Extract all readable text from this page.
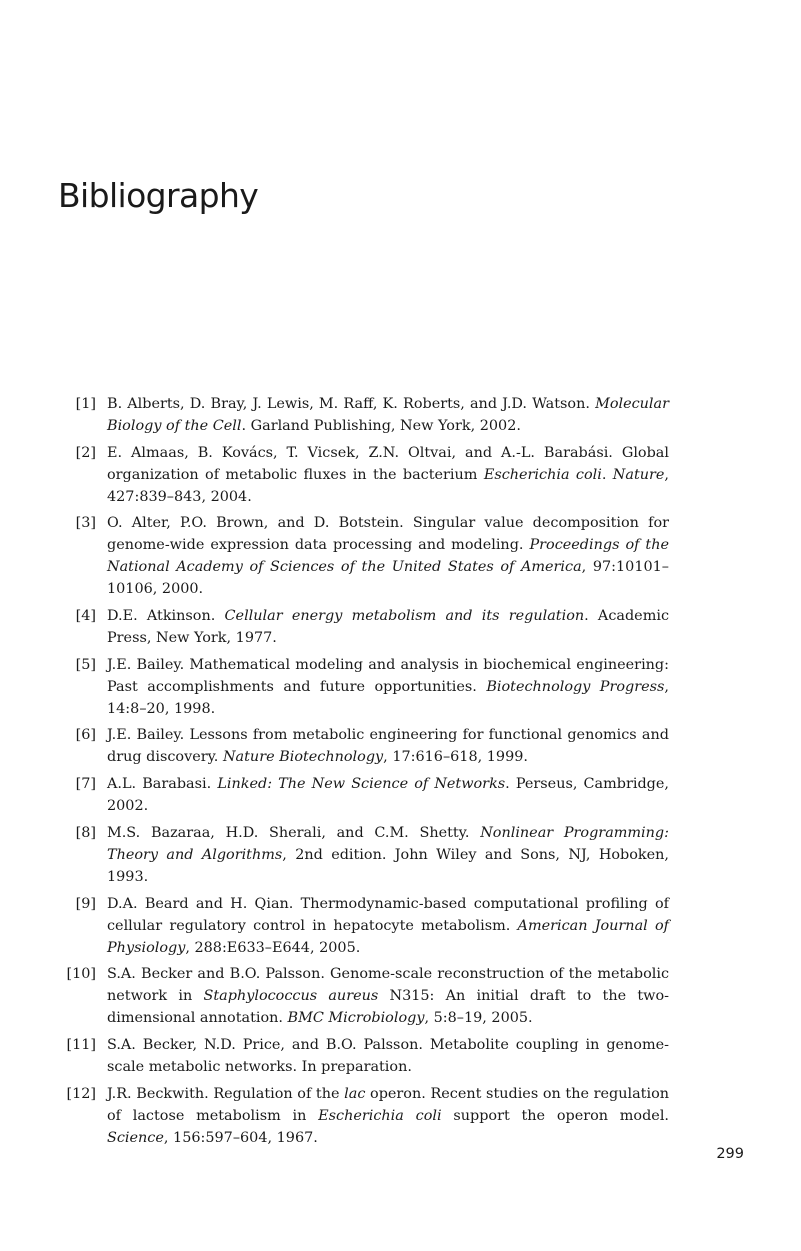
Bibliography
[1] B. Alberts, D. Bray, J. Lewis, M. Raff, K. Roberts, and J.D. Watson. Molecular Biology of the Cell. Garland Publishing, New York, 2002.
[2] E. Almaas, B. Kovács, T. Vicsek, Z.N. Oltvai, and A.-L. Barabási. Global organization of metabolic fluxes in the bacterium Escherichia coli. Nature, 427:839–843, 2004.
[3] O. Alter, P.O. Brown, and D. Botstein. Singular value decomposition for genome-wide expression data processing and modeling. Proceedings of the National Academy of Sciences of the United States of America, 97:10101–10106, 2000.
[4] D.E. Atkinson. Cellular energy metabolism and its regulation. Academic Press, New York, 1977.
[5] J.E. Bailey. Mathematical modeling and analysis in biochemical engineering: Past accomplishments and future opportunities. Biotechnology Progress, 14:8–20, 1998.
[6] J.E. Bailey. Lessons from metabolic engineering for functional genomics and drug discovery. Nature Biotechnology, 17:616–618, 1999.
[7] A.L. Barabasi. Linked: The New Science of Networks. Perseus, Cambridge, 2002.
[8] M.S. Bazaraa, H.D. Sherali, and C.M. Shetty. Nonlinear Programming: Theory and Algorithms, 2nd edition. John Wiley and Sons, NJ, Hoboken, 1993.
[9] D.A. Beard and H. Qian. Thermodynamic-based computational profiling of cellular regulatory control in hepatocyte metabolism. American Journal of Physiology, 288:E633–E644, 2005.
[10] S.A. Becker and B.O. Palsson. Genome-scale reconstruction of the metabolic network in Staphylococcus aureus N315: An initial draft to the two-dimensional annotation. BMC Microbiology, 5:8–19, 2005.
[11] S.A. Becker, N.D. Price, and B.O. Palsson. Metabolite coupling in genome-scale metabolic networks. In preparation.
[12] J.R. Beckwith. Regulation of the lac operon. Recent studies on the regulation of lactose metabolism in Escherichia coli support the operon model. Science, 156:597–604, 1967.
299
